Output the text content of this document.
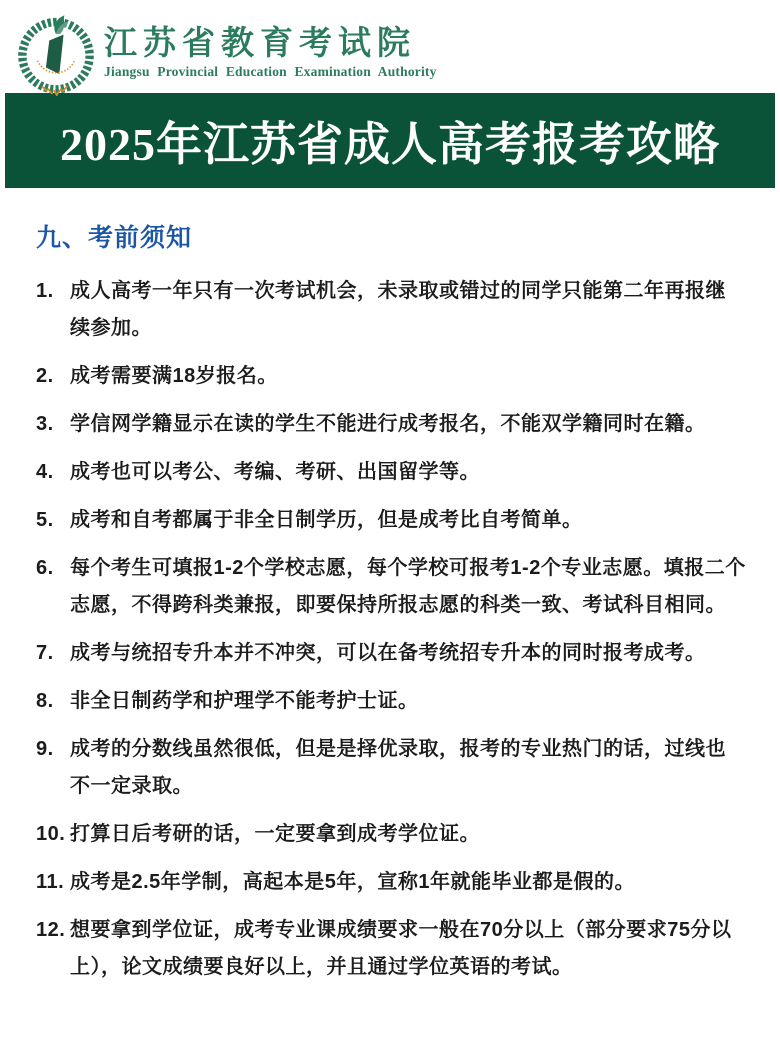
江苏省教育考试院
Jiangsu Provincial Education Examination Authority
2025年江苏省成人高考报考攻略
九、考前须知
1. 成人高考一年只有一次考试机会，未录取或错过的同学只能第二年再报继续参加。
2. 成考需要满18岁报名。
3. 学信网学籍显示在读的学生不能进行成考报名，不能双学籍同时在籍。
4. 成考也可以考公、考编、考研、出国留学等。
5. 成考和自考都属于非全日制学历，但是成考比自考简单。
6. 每个考生可填报1-2个学校志愿，每个学校可报考1-2个专业志愿。填报二个志愿，不得跨科类兼报，即要保持所报志愿的科类一致、考试科目相同。
7. 成考与统招专升本并不冲突，可以在备考统招专升本的同时报考成考。
8. 非全日制药学和护理学不能考护士证。
9. 成考的分数线虽然很低，但是是择优录取，报考的专业热门的话，过线也不一定录取。
10. 打算日后考研的话，一定要拿到成考学位证。
11. 成考是2.5年学制，高起本是5年，宣称1年就能毕业都是假的。
12. 想要拿到学位证，成考专业课成绩要求一般在70分以上（部分要求75分以上），论文成绩要良好以上，并且通过学位英语的考试。
